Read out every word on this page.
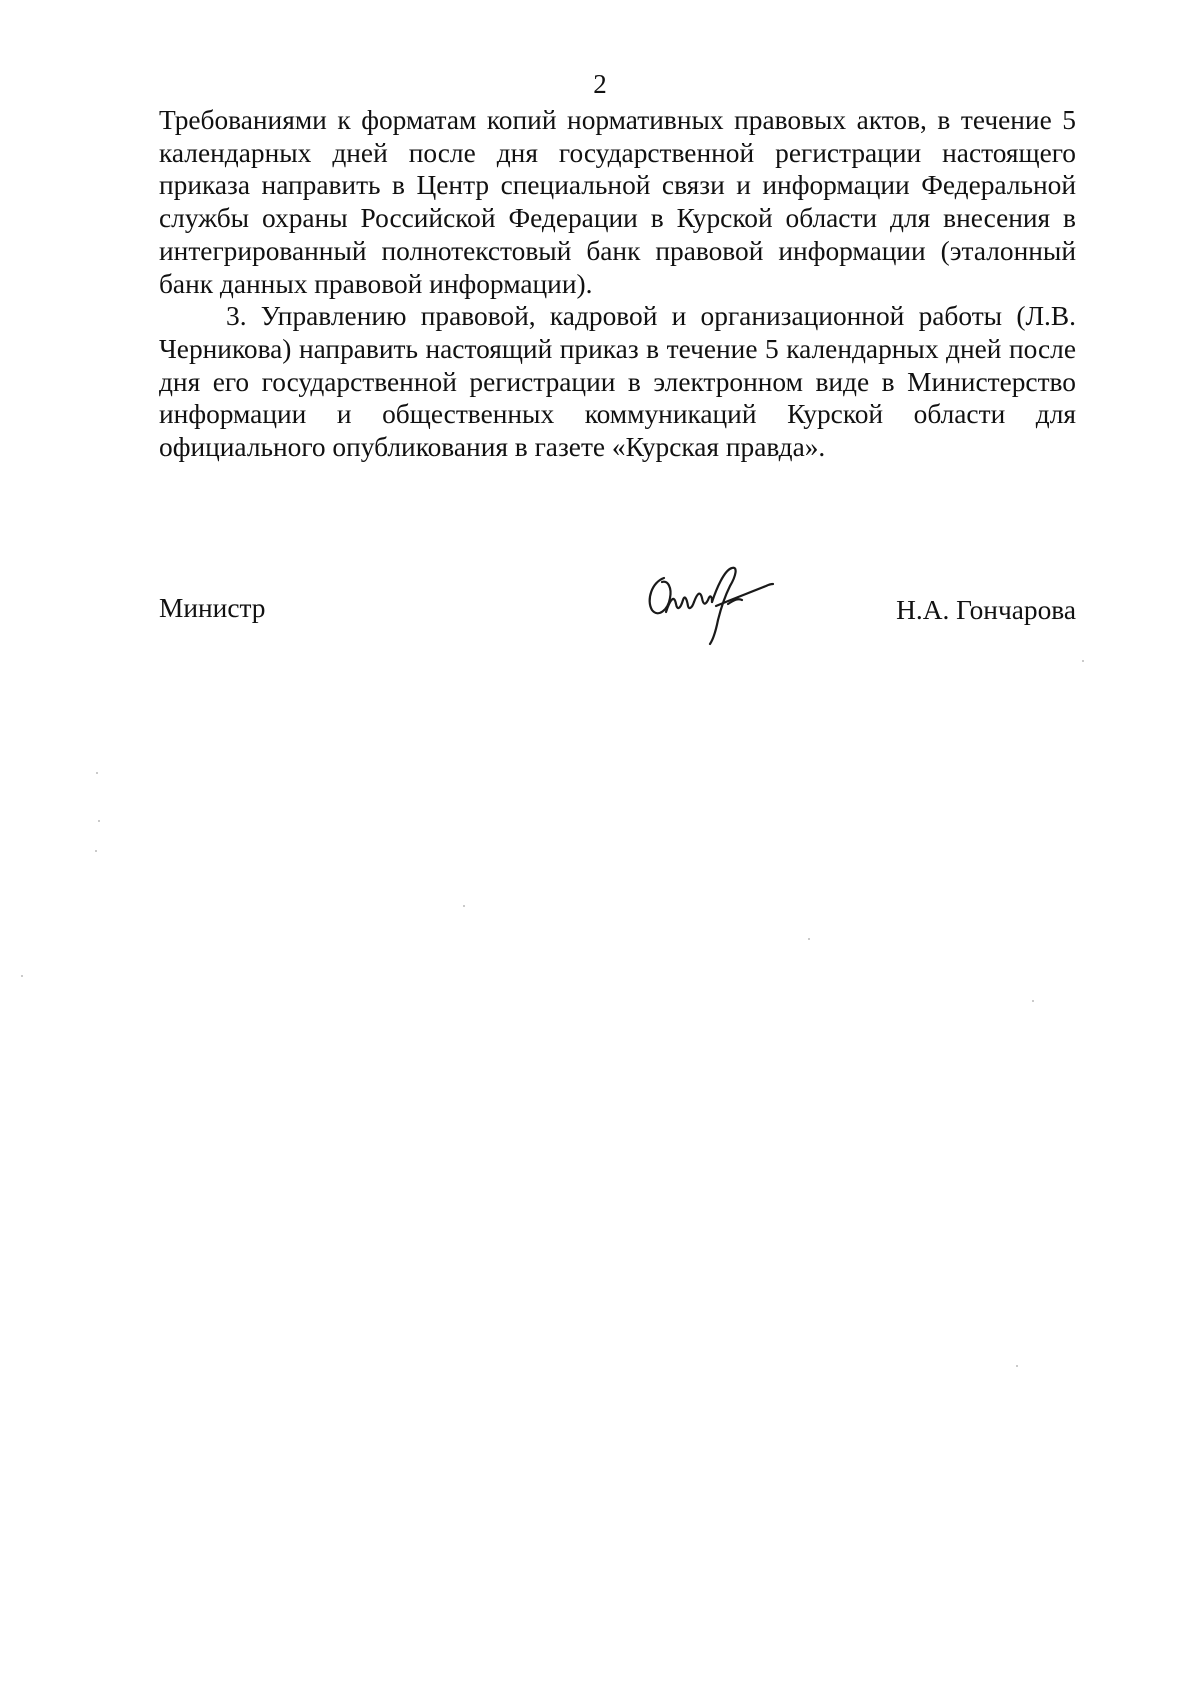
2

Требованиями к форматам копий нормативных правовых актов, в течение 5 календарных дней после дня государственной регистрации настоящего приказа направить в Центр специальной связи и информации Федеральной службы охраны Российской Федерации в Курской области для внесения в интегрированный полнотекстовый банк правовой информации (эталонный банк данных правовой информации).

3. Управлению правовой, кадровой и организационной работы (Л.В. Черникова) направить настоящий приказ в течение 5 календарных дней после дня его государственной регистрации в электронном виде в Министерство информации и общественных коммуникаций Курской области для официального опубликования в газете «Курская правда».

Министр	Н.А. Гончарова
